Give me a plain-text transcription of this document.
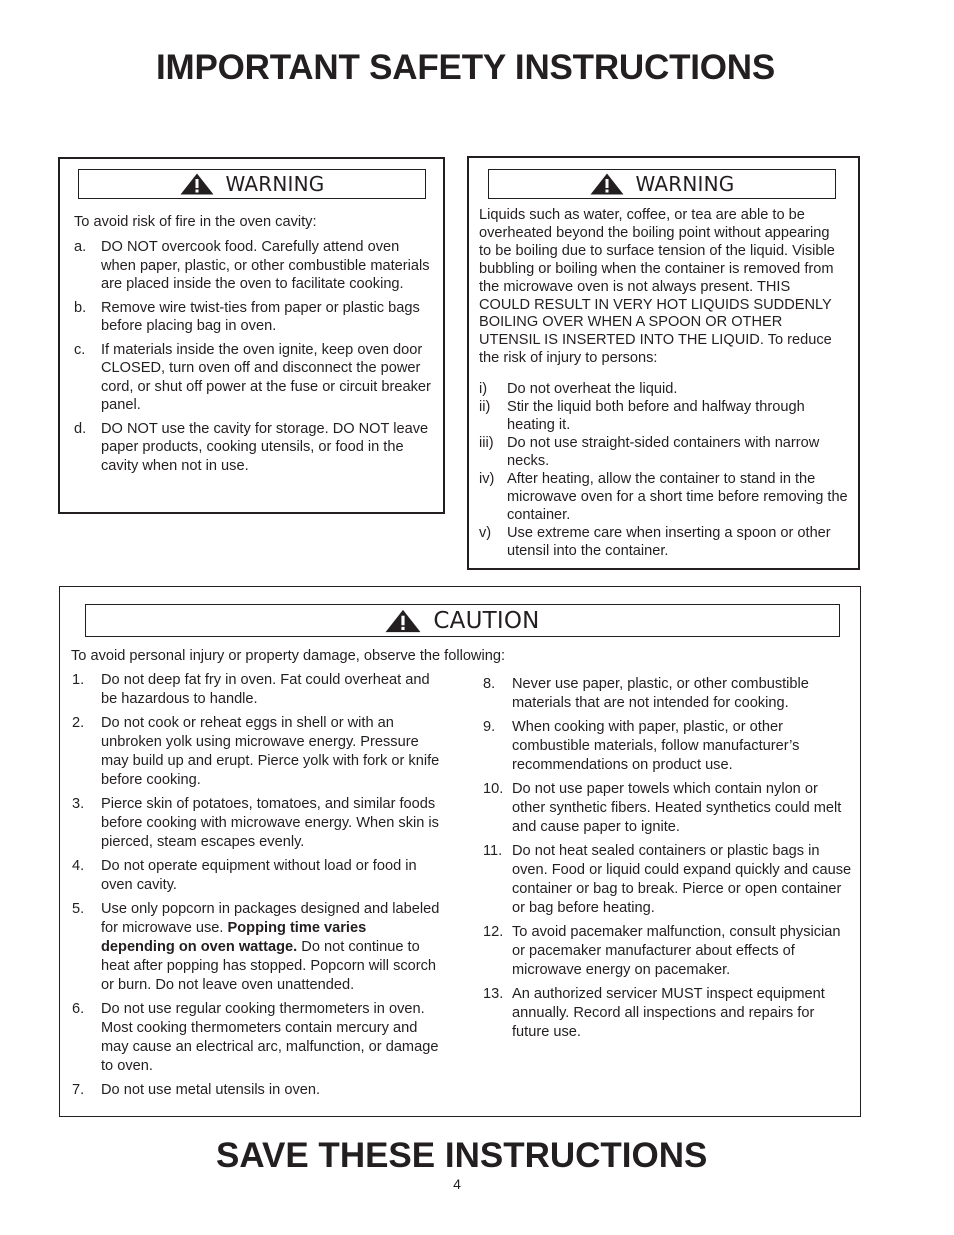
IMPORTANT SAFETY INSTRUCTIONS
WARNING
To avoid risk of fire in the oven cavity:
a. DO NOT overcook food. Carefully attend oven when paper, plastic, or other combustible materials are placed inside the oven to facilitate cooking.
b. Remove wire twist-ties from paper or plastic bags before placing bag in oven.
c. If materials inside the oven ignite, keep oven door CLOSED, turn oven off and disconnect the power cord, or shut off power at the fuse or circuit breaker panel.
d. DO NOT use the cavity for storage. DO NOT leave paper products, cooking utensils, or food in the cavity when not in use.
WARNING
Liquids such as water, coffee, or tea are able to be overheated beyond the boiling point without appearing to be boiling due to surface tension of the liquid. Visible bubbling or boiling when the container is removed from the microwave oven is not always present. THIS COULD RESULT IN VERY HOT LIQUIDS SUDDENLY BOILING OVER WHEN A SPOON OR OTHER UTENSIL IS INSERTED INTO THE LIQUID. To reduce the risk of injury to persons:
i) Do not overheat the liquid.
ii) Stir the liquid both before and halfway through heating it.
iii) Do not use straight-sided containers with narrow necks.
iv) After heating, allow the container to stand in the microwave oven for a short time before removing the container.
v) Use extreme care when inserting a spoon or other utensil into the container.
CAUTION
To avoid personal injury or property damage, observe the following:
1. Do not deep fat fry in oven. Fat could overheat and be hazardous to handle.
2. Do not cook or reheat eggs in shell or with an unbroken yolk using microwave energy. Pressure may build up and erupt. Pierce yolk with fork or knife before cooking.
3. Pierce skin of potatoes, tomatoes, and similar foods before cooking with microwave energy. When skin is pierced, steam escapes evenly.
4. Do not operate equipment without load or food in oven cavity.
5. Use only popcorn in packages designed and labeled for microwave use. Popping time varies depending on oven wattage. Do not continue to heat after popping has stopped. Popcorn will scorch or burn. Do not leave oven unattended.
6. Do not use regular cooking thermometers in oven. Most cooking thermometers contain mercury and may cause an electrical arc, malfunction, or damage to oven.
7. Do not use metal utensils in oven.
8. Never use paper, plastic, or other combustible materials that are not intended for cooking.
9. When cooking with paper, plastic, or other combustible materials, follow manufacturer’s recommendations on product use.
10. Do not use paper towels which contain nylon or other synthetic fibers. Heated synthetics could melt and cause paper to ignite.
11. Do not heat sealed containers or plastic bags in oven. Food or liquid could expand quickly and cause container or bag to break. Pierce or open container or bag before heating.
12. To avoid pacemaker malfunction, consult physician or pacemaker manufacturer about effects of microwave energy on pacemaker.
13. An authorized servicer MUST inspect equipment annually. Record all inspections and repairs for future use.
SAVE THESE INSTRUCTIONS
4
